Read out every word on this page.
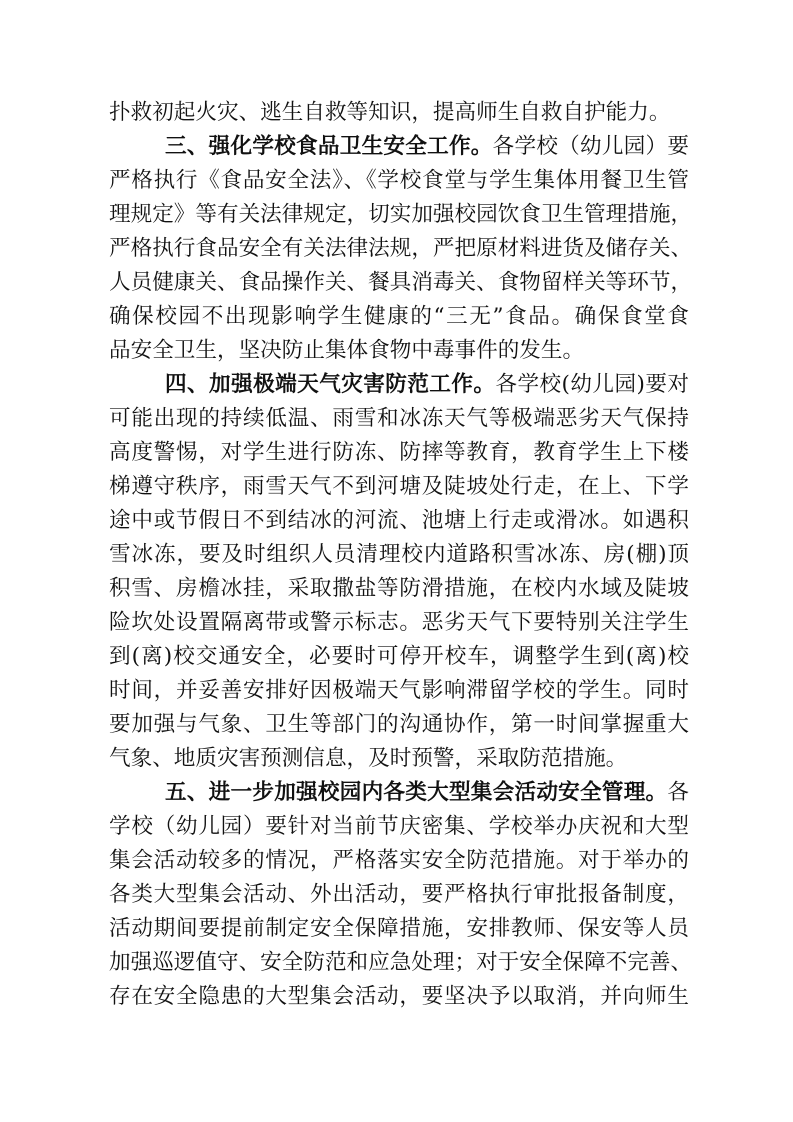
扑救初起火灾、逃生自救等知识，提高师生自救自护能力。
三、强化学校食品卫生安全工作。各学校（幼儿园）要
严格执行《食品安全法》、《学校食堂与学生集体用餐卫生管
理规定》等有关法律规定，切实加强校园饮食卫生管理措施，
严格执行食品安全有关法律法规，严把原材料进货及储存关、
人员健康关、食品操作关、餐具消毒关、食物留样关等环节，
确保校园不出现影响学生健康的“三无”食品。确保食堂食
品安全卫生，坚决防止集体食物中毒事件的发生。
四、加强极端天气灾害防范工作。各学校(幼儿园)要对
可能出现的持续低温、雨雪和冰冻天气等极端恶劣天气保持
高度警惕，对学生进行防冻、防摔等教育，教育学生上下楼
梯遵守秩序，雨雪天气不到河塘及陡坡处行走，在上、下学
途中或节假日不到结冰的河流、池塘上行走或滑冰。如遇积
雪冰冻，要及时组织人员清理校内道路积雪冰冻、房(棚)顶
积雪、房檐冰挂，采取撒盐等防滑措施，在校内水域及陡坡
险坎处设置隔离带或警示标志。恶劣天气下要特别关注学生
到(离)校交通安全，必要时可停开校车，调整学生到(离)校
时间，并妥善安排好因极端天气影响滞留学校的学生。同时
要加强与气象、卫生等部门的沟通协作，第一时间掌握重大
气象、地质灾害预测信息，及时预警，采取防范措施。
五、进一步加强校园内各类大型集会活动安全管理。各
学校（幼儿园）要针对当前节庆密集、学校举办庆祝和大型
集会活动较多的情况，严格落实安全防范措施。对于举办的
各类大型集会活动、外出活动，要严格执行审批报备制度，
活动期间要提前制定安全保障措施，安排教师、保安等人员
加强巡逻值守、安全防范和应急处理；对于安全保障不完善、
存在安全隐患的大型集会活动，要坚决予以取消，并向师生
